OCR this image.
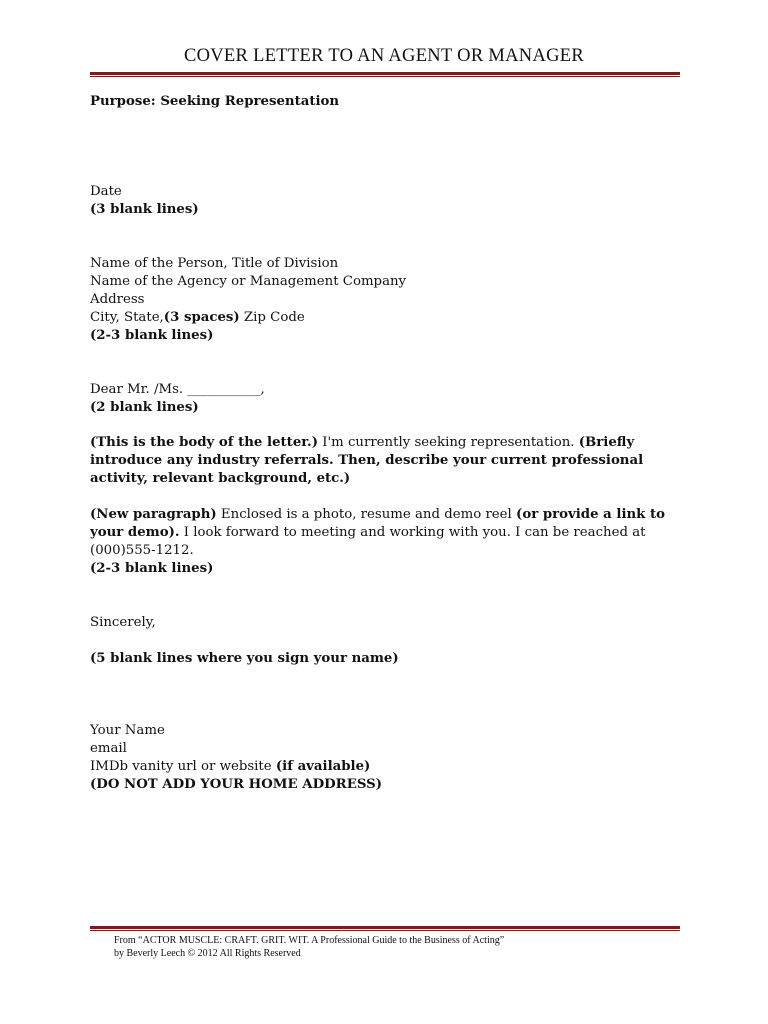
COVER LETTER TO AN AGENT OR MANAGER
Purpose: Seeking Representation
Date
(3 blank lines)
Name of the Person, Title of Division
Name of the Agency or Management Company
Address
City, State,(3 spaces) Zip Code
(2-3 blank lines)
Dear Mr. /Ms. ___________,
(2 blank lines)
(This is the body of the letter.) I'm currently seeking representation. (Briefly
introduce any industry referrals. Then, describe your current professional
activity, relevant background, etc.)
(New paragraph) Enclosed is a photo, resume and demo reel (or provide a link to
your demo). I look forward to meeting and working with you. I can be reached at
(000)555-1212.
(2-3 blank lines)
Sincerely,
(5 blank lines where you sign your name)
Your Name
email
IMDb vanity url or website (if available)
(DO NOT ADD YOUR HOME ADDRESS)
From “ACTOR MUSCLE: CRAFT. GRIT. WIT. A Professional Guide to the Business of Acting”
by Beverly Leech © 2012 All Rights Reserved
